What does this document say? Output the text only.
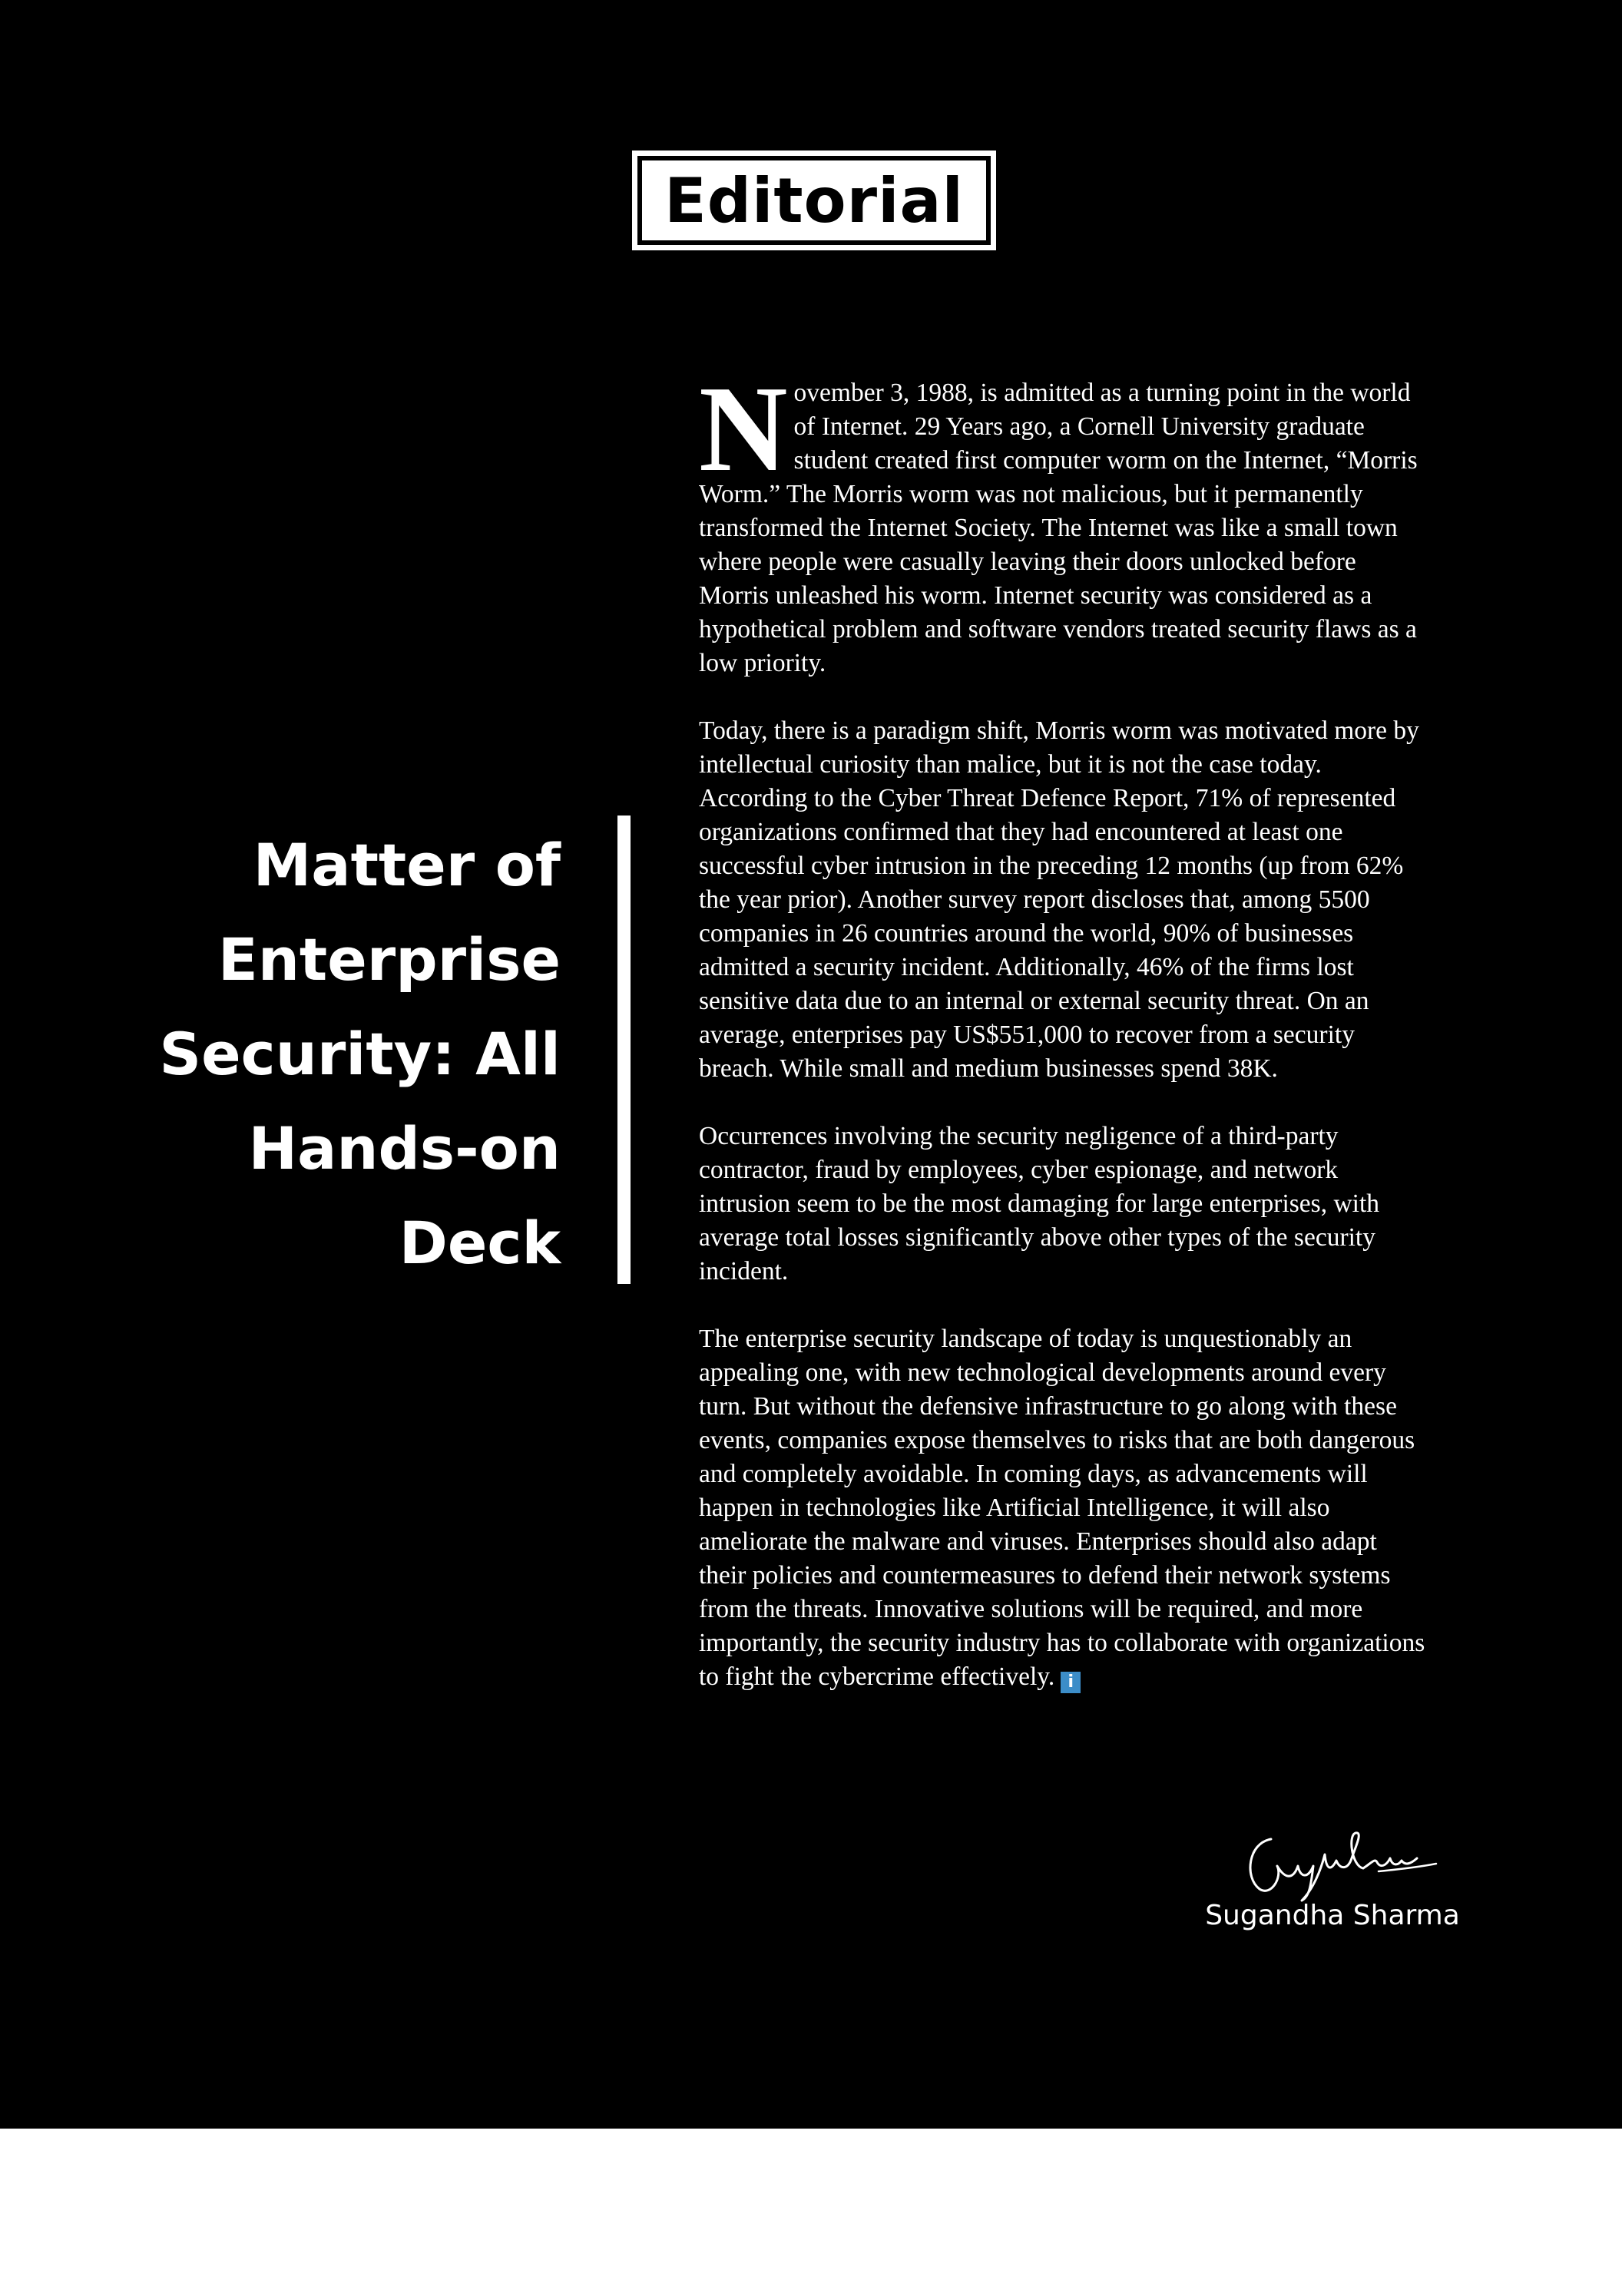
Editorial
Matter of
Enterprise
Security: All
Hands-on
Deck

November 3, 1988, is admitted as a turning point in the world of Internet. 29 Years ago, a Cornell University graduate student created first computer worm on the Internet, “Morris Worm.” The Morris worm was not malicious, but it permanently transformed the Internet Society. The Internet was like a small town where people were casually leaving their doors unlocked before Morris unleashed his worm. Internet security was considered as a hypothetical problem and software vendors treated security flaws as a low priority.

Today, there is a paradigm shift, Morris worm was motivated more by intellectual curiosity than malice, but it is not the case today. According to the Cyber Threat Defence Report, 71% of represented organizations confirmed that they had encountered at least one successful cyber intrusion in the preceding 12 months (up from 62% the year prior). Another survey report discloses that, among 5500 companies in 26 countries around the world, 90% of businesses admitted a security incident. Additionally, 46% of the firms lost sensitive data due to an internal or external security threat. On an average, enterprises pay US$551,000 to recover from a security breach. While small and medium businesses spend 38K.

Occurrences involving the security negligence of a third-party contractor, fraud by employees, cyber espionage, and network intrusion seem to be the most damaging for large enterprises, with average total losses significantly above other types of the security incident.

The enterprise security landscape of today is unquestionably an appealing one, with new technological developments around every turn. But without the defensive infrastructure to go along with these events, companies expose themselves to risks that are both dangerous and completely avoidable. In coming days, as advancements will happen in technologies like Artificial Intelligence, it will also ameliorate the malware and viruses. Enterprises should also adapt their policies and countermeasures to defend their network systems from the threats. Innovative solutions will be required, and more importantly, the security industry has to collaborate with organizations to fight the cybercrime effectively. i

Sugandha Sharma
